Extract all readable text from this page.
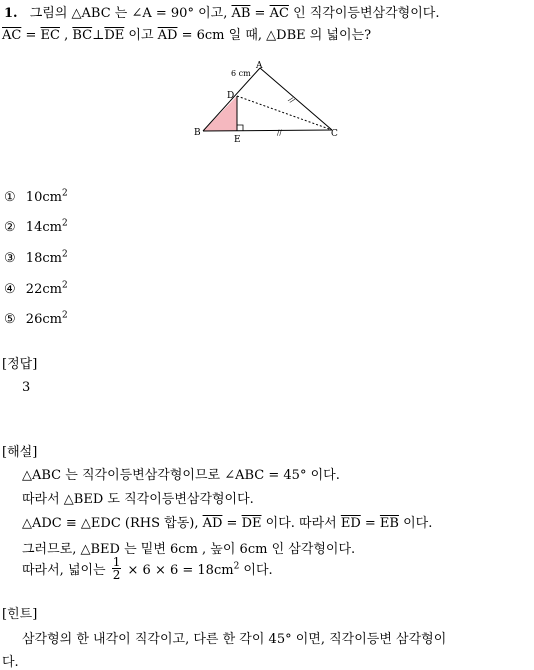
1. 그림의 △ABC 는 ∠A = 90° 이고, $\overline{AB} = \overline{AC}$ 인 직각이등변삼각형이다.
$\overline{AC} = \overline{EC}$ , $\overline{BC}\perp\overline{DE}$ 이고 $\overline{AD} = 6cm$ 일 때, △DBE 의 넓이는?
6 cm
A
D
B
E
C
//
//
① $10cm^2$
② $14cm^2$
③ $18cm^2$
④ $22cm^2$
⑤ $26cm^2$
[정답]
3
[해설]
△ABC 는 직각이등변삼각형이므로 ∠ABC = 45° 이다.
따라서 △BED 도 직각이등변삼각형이다.
△ADC ≡ △EDC (RHS 합동), $\overline{AD} = \overline{DE}$ 이다. 따라서 $\overline{ED} = \overline{EB}$ 이다.
그러므로, △BED 는 밑변 6cm , 높이 6cm 인 삼각형이다.
따라서, 넓이는 $\frac{1}{2} \times 6 \times 6 = 18cm^2$ 이다.
[힌트]
삼각형의 한 내각이 직각이고, 다른 한 각이 45° 이면, 직각이등변 삼각형이
다.
